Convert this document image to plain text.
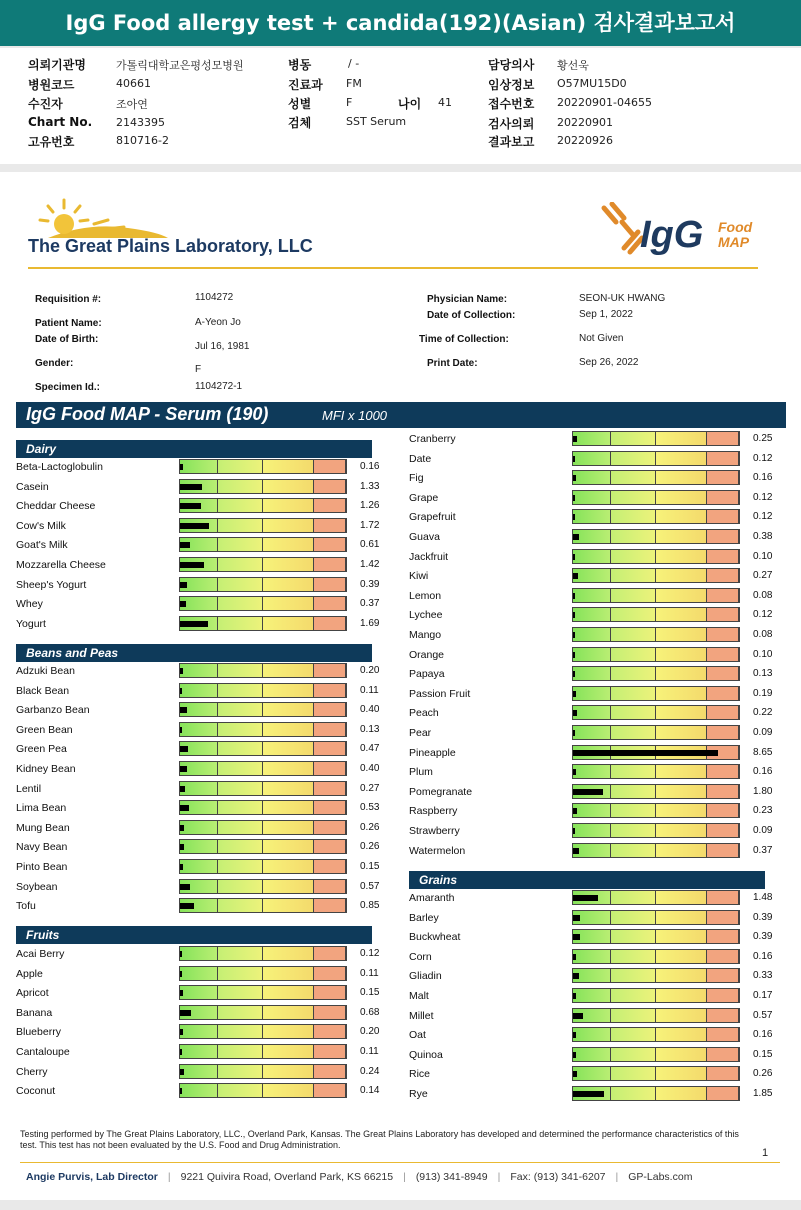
IgG Food allergy test + candida(192)(Asian) 검사결과보고서
의뢰기관명	가톨릭대학교은평성모병원
병원코드	40661
수진자	조아연
Chart No. 2143395
고유번호	810716-2
병동	/ -
진료과 FM
성별	F	나이 41
검체	SST Serum
담당의사 황선욱
임상정보 O57MU15D0
접수번호 20220901-04655
검사의뢰 20220901
결과보고 20220926
The Great Plains Laboratory, LLC	IgG Food
MAP
Requisition #:	1104272
Patient Name:	A-Yeon Jo
Date of Birth:
Jul 16, 1981
Gender:
F
Specimen Id.:	1104272-1
Physician Name:	SEON-UK HWANG
Date of Collection:	Sep 1, 2022
Time of Collection:	Not Given
Print Date:	Sep 26, 2022
IgG Food MAP - Serum (190)	MFI x 1000
Dairy
Beta-Lactoglobulin	0.16
Casein	1.33
Cheddar Cheese	1.26
Cow's Milk	1.72
Goat's Milk	0.61
Mozzarella Cheese	1.42
Sheep's Yogurt	0.39
Whey	0.37
Yogurt	1.69
Beans and Peas
Adzuki Bean	0.20
Black Bean	0.11
Garbanzo Bean	0.40
Green Bean	0.13
Green Pea	0.47
Kidney Bean	0.40
Lentil	0.27
Lima Bean	0.53
Mung Bean	0.26
Navy Bean	0.26
Pinto Bean	0.15
Soybean	0.57
Tofu	0.85
Fruits
Acai Berry	0.12
Apple	0.11
Apricot	0.15
Banana	0.68
Blueberry	0.20
Cantaloupe	0.11
Cherry	0.24
Coconut	0.14
Cranberry	0.25
Date	0.12
Fig	0.16
Grape	0.12
Grapefruit	0.12
Guava	0.38
Jackfruit	0.10
Kiwi	0.27
Lemon	0.08
Lychee	0.12
Mango	0.08
Orange	0.10
Papaya	0.13
Passion Fruit	0.19
Peach	0.22
Pear	0.09
Pineapple	8.65
Plum	0.16
Pomegranate	1.80
Raspberry	0.23
Strawberry	0.09
Watermelon	0.37
Grains
Amaranth	1.48
Barley	0.39
Buckwheat	0.39
Corn	0.16
Gliadin	0.33
Malt	0.17
Millet	0.57
Oat	0.16
Quinoa	0.15
Rice	0.26
Rye	1.85
Testing performed by The Great Plains Laboratory, LLC., Overland Park, Kansas. The Great Plains Laboratory has developed and determined the performance characteristics of this test. This test has not been evaluated by the U.S. Food and Drug Administration.
1
Angie Purvis, Lab Director | 9221 Quivira Road, Overland Park, KS 66215 | (913) 341-8949 | Fax: (913) 341-6207 | GP-Labs.com
